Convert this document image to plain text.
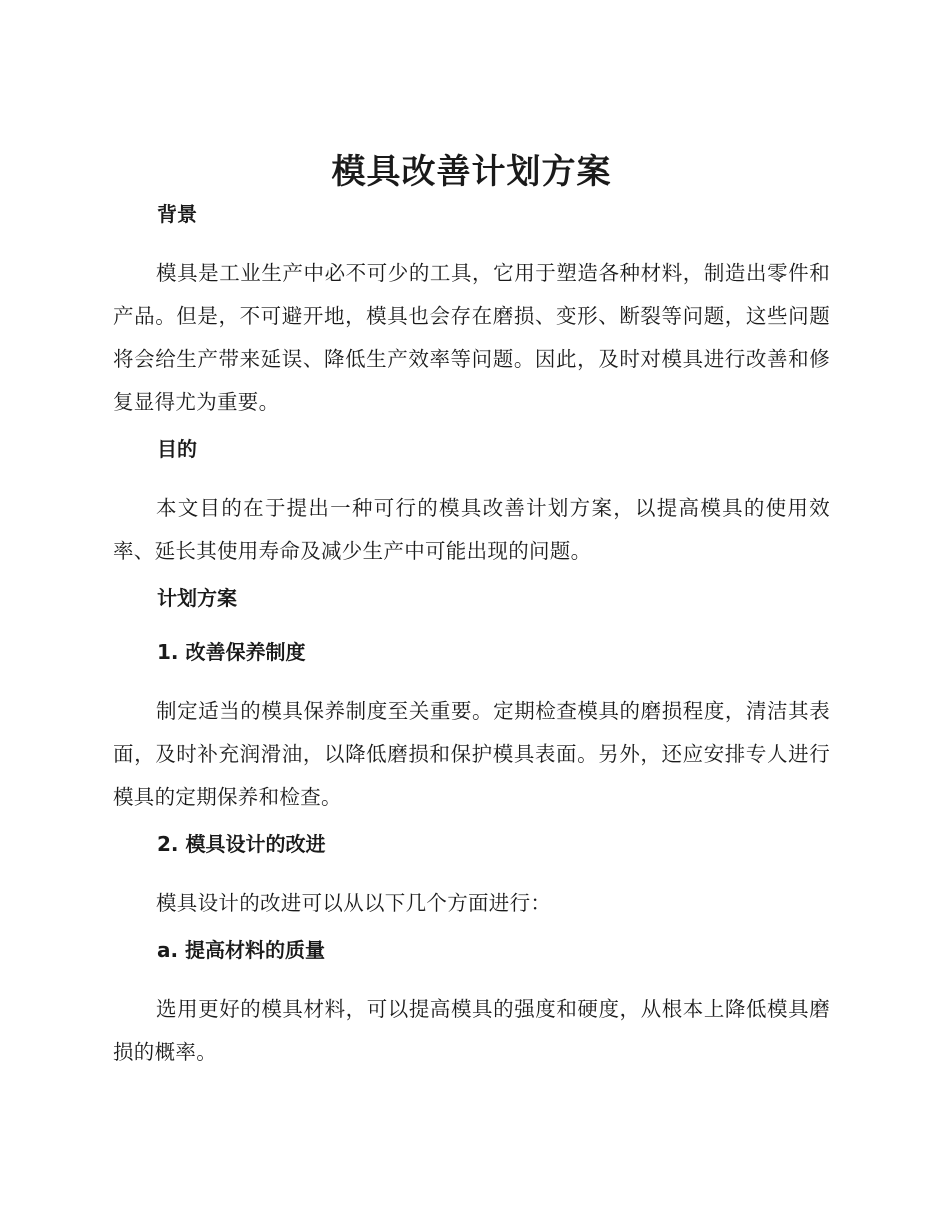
模具改善计划方案
背景

模具是工业生产中必不可少的工具，它用于塑造各种材料，制造出零件和产品。但是，不可避开地，模具也会存在磨损、变形、断裂等问题，这些问题将会给生产带来延误、降低生产效率等问题。因此，及时对模具进行改善和修复显得尤为重要。

目的

本文目的在于提出一种可行的模具改善计划方案，以提高模具的使用效率、延长其使用寿命及减少生产中可能出现的问题。

计划方案
1. 改善保养制度

制定适当的模具保养制度至关重要。定期检查模具的磨损程度，清洁其表面，及时补充润滑油，以降低磨损和保护模具表面。另外，还应安排专人进行模具的定期保养和检查。

2. 模具设计的改进

模具设计的改进可以从以下几个方面进行：

a. 提高材料的质量

选用更好的模具材料，可以提高模具的强度和硬度，从根本上降低模具磨损的概率。
